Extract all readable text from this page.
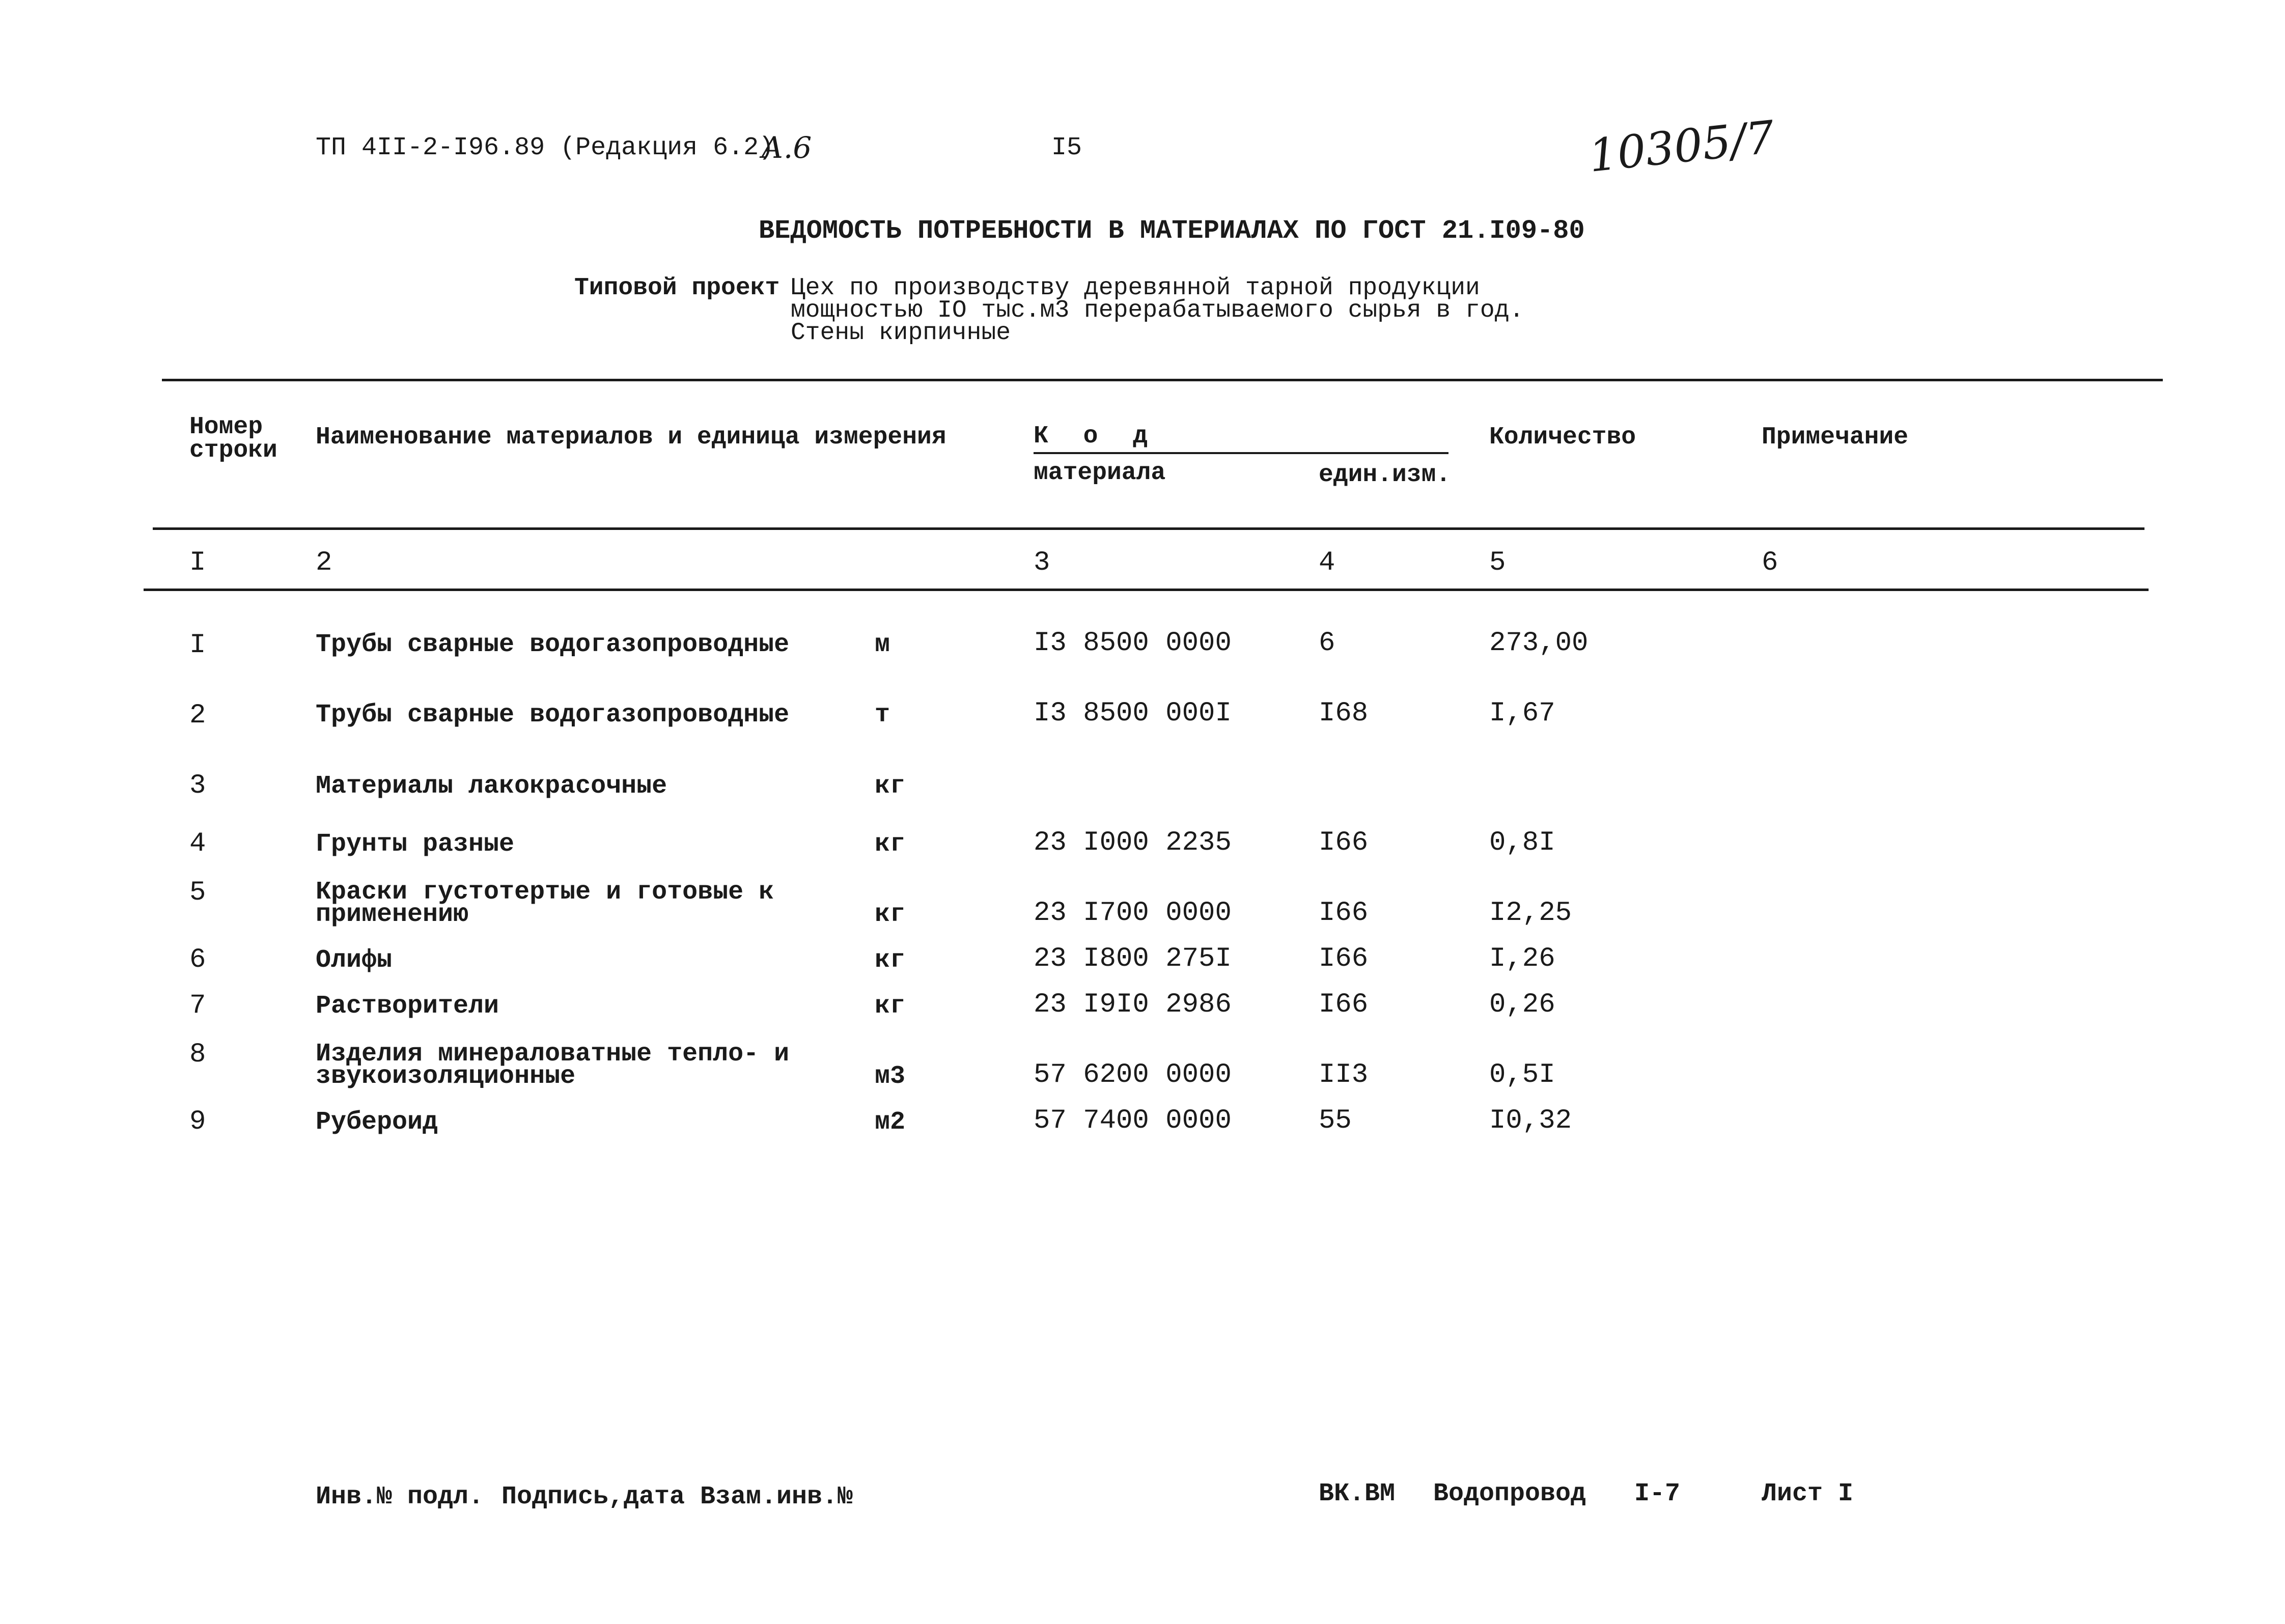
ТП 4II-2-I96.89 (Редакция 6.2)
А.6	I5	10305/7
ВЕДОМОСТЬ ПОТРЕБНОСТИ В МАТЕРИАЛАХ ПО ГОСТ 21.I09-80
Типовой проект Цех по производству деревянной тарной продукции
мощностью IO тыс.м3 перерабатываемого сырья в год.
Стены кирпичные
Номер
строки Наименование материалов и единица измерения	К о д
материала	един.изм.
Количество	Примечание
I	2	3	4	5	6
I	Трубы сварные водогазопроводные	м	I3 8500 0000	6	273,00
2	Трубы сварные водогазопроводные	т	I3 8500 000I	I68	I,67
3	Материалы лакокрасочные	кг
4	Грунты разные	кг	23 I000 2235	I66	0,8I
5	Краски густотертые и готовые к
применению	кг	23 I700 0000	I66	I2,25
6	Олифы	кг	23 I800 275I	I66	I,26
7	Растворители	кг	23 I9I0 2986	I66	0,26
8	Изделия минераловатные тепло- и
звукоизоляционные	м3	57 6200 0000	II3	0,5I
9	Рубероид	м2	57 7400 0000	55	I0,32
Инв.№ подл. Подпись,дата Взам.инв.№	ВК.ВМ Водопровод I-7	Лист I
